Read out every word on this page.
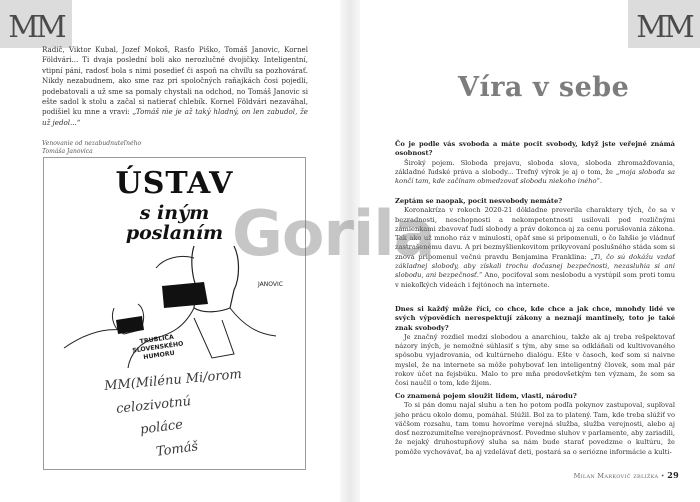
MM

Radič, Viktor Kubal, Jozef Mokoš, Rasťo Piško, Tomáš Janovic, Kornel Földvári... Ti dvaja poslední boli ako nerozlučné dvojičky. Inteligentní, vtipní páni, radosť bola s nimi posedieť či aspoň na chvíľu sa pozhovárať. Nikdy nezabudnem, ako sme raz pri spoločných raňajkách čosi pojedli, podebatovali a už sme sa pomaly chystali na odchod, no Tomáš Janovic si ešte sadol k stolu a začal si natierať chlebík. Kornel Földvári nezaváhal, podišiel ku mne a vravi: „Tomáš nie je až taký hladný, on len zabudol, že už jedol...“

Venovanie od nezabudnuteľného
Tomáša Janovica
JANOVIC
ÚSTAV
s iným
poslaním
TRUBLICA SLOVENSKÉHO HUMORU
MM(Milénu Mi/orom
celozivotnú
poláce
Tomáš
MM
Víra v sebe

Čo je podle vás svoboda a máte pocit svobody, když jste veřejně známá osobnost?

Široký pojem. Sloboda prejavu, sloboda slova, sloboda zhromažďovania, základné ľudské práva a slobody... Trefný výrok je aj o tom, že „moja sloboda sa končí tam, kde začínam obmedzovať slobodu niekoho iného“.

Zeptám se naopak, pocit nesvobody nemáte?

Koronakríza v rokoch 2020-21 dôkladne preverila charaktery tých, čo sa v bezradnosti, neschopnosti a nekompetentnosti usilovali pod rozličnými zámienkami zbavovať ľudí slobody a práv dokonca aj za cenu porušovania zákona. Tak ako už mnoho ráz v minulosti, opäť sme si pripomenuli, o čo ľahšie je vládnuť zastrašenému davu. A pri bezmyšlienkovitom prikyvovaní poslušného stáda som si znova pripomenul večnú pravdu Benjamina Franklina: „Ti, čo sú dokážu vzdať základnej slobody, aby získali trochu dočasnej bezpečnosti, nezasluhia si ani slobodu, ani bezpečnosť.“ Ano, pociťoval som neslobodu a vystúpil som proti tomu v niekoľkých videách i fejtónoch na internete.

Dnes si každý může říci, co chce, kde chce a jak chce, mnohdy lidé ve svých výpovědích nerespektují zákony a neznají mantinely, toto je také znak svobody?

Je značný rozdiel medzi slobodou a anarchiou, takže ak aj treba rešpektovať názory iných, je nemožné súhlasiť s tým, aby sme sa odkláňali od kultivovaného spôsobu vyjadrovania, od kultúrneho dialógu. Ešte v časoch, keď som si naivne myslel, že na internete sa môže pohybovať len inteligentný človek, som mal pár rokov účet na fejsbúku. Malo to pre mňa predovšetkým ten význam, že som sa čosi naučil o tom, kde žijem.

Co znamená pojem sloužit lidem, vlasti, národu?

To si pán domu najal sluhu a ten ho potom podľa pokynov zastupoval, supľoval jeho prácu okolo domu, pomáhal. Slúžil. Bol za to platený. Tam, kde treba slúžiť vo väčšom rozsahu, tam tomu hovoríme verejná služba, služba verejnosti, alebo aj dosť nezrozumiteľne verejnoprávnosť. Povedme sluhov v parlamente, aby zariadili, že nejaký druhostupňový sluha sa nám bude starať povedzme o kultúru, že pomôže vychovávať, ba aj vzdelávať deti, postará sa o seriózne informácie a kulti-

Milan Markovič zbližka • 29
Gorila
